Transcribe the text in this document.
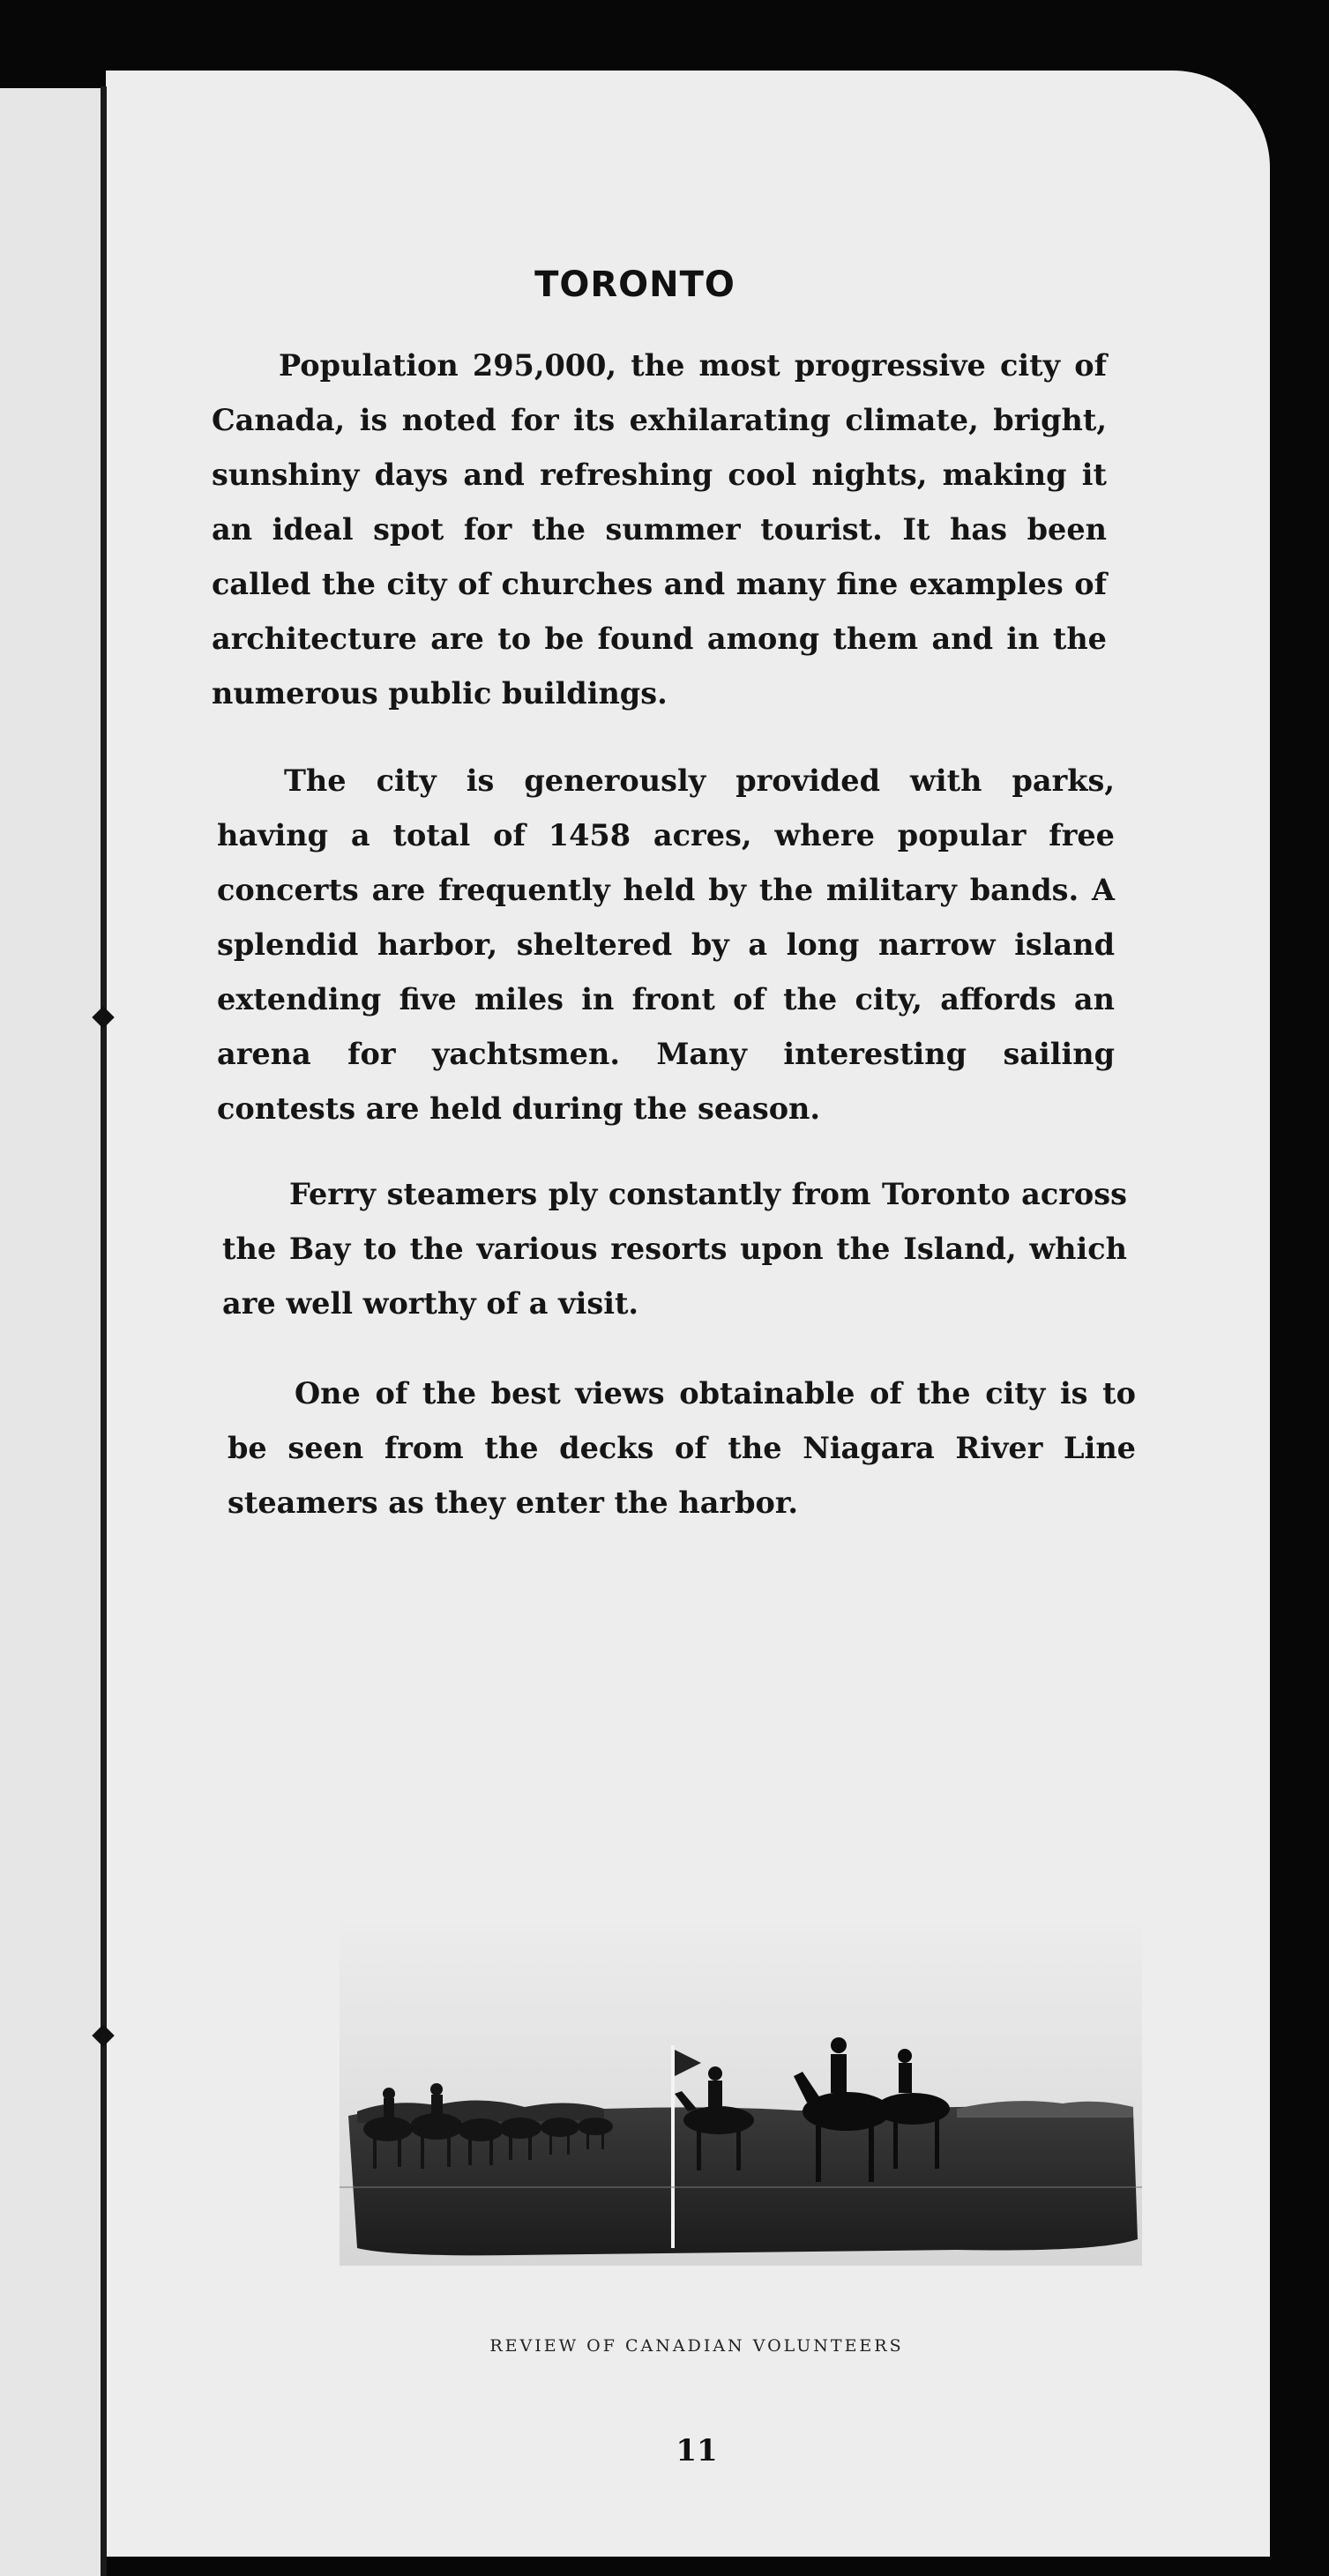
TORONTO

Population 295,000, the most progressive city of Canada, is noted for its exhilarating climate, bright, sunshiny days and refreshing cool nights, making it an ideal spot for the summer tourist. It has been called the city of churches and many fine examples of architecture are to be found among them and in the numerous public buildings.

The city is generously provided with parks, having a total of 1458 acres, where popular free concerts are frequently held by the military bands. A splendid harbor, sheltered by a long narrow island extending five miles in front of the city, affords an arena for yachtsmen. Many interesting sailing contests are held during the season.

Ferry steamers ply constantly from Toronto across the Bay to the various resorts upon the Island, which are well worthy of a visit.

One of the best views obtainable of the city is to be seen from the decks of the Niagara River Line steamers as they enter the harbor.

REVIEW OF CANADIAN VOLUNTEERS
11
